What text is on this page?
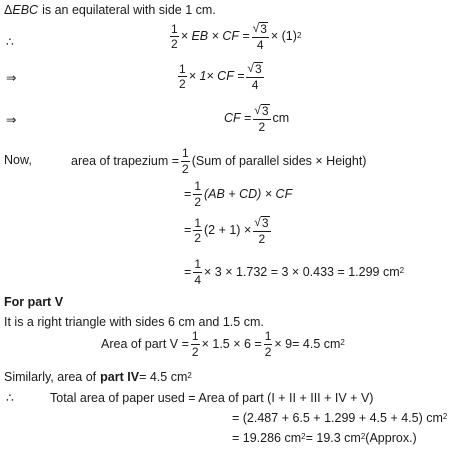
Δ EBC is an equilateral with side 1 cm.
∴	$\frac{1}{2}$ × EB × CF = $\frac{√ 3}{4} \times (1)^2$
⇒	$\frac{1}{2} \times 1\times$ CF = $\frac{√ 3}{4}$
⇒	CF = $\frac{√ 3}{2}$ cm
Now,	area of trapezium = $\frac{1}{2} (Sum$ of parallel sides × Height)
= $\frac{1}{2} (AB + CD)$ × CF
= $\frac{1}{2} (2 + 1) \times \frac{√ 3}{2}$
= $\frac{1}{4} \times 3 \times 1.732 = 3 \times 0.433 = 1.299$ $cm^2$
For part V
It is a right triangle with sides 6 cm and 1.5 cm.
Area of part $V = \frac{1}{2} \times 1.5 \times 6 = \frac{1}{2} \times 9= 4.5$ $cm^2$
Similarly, area of part IV = 4.5 $cm^2$
∴	Total area of paper used = Area of part (I + II + III + IV + V)
= (2.487 + 6.5 + 1.299 + 4.5 + 4.5) $cm^2$
= 19.286 $cm^2 = 19.3$ $cm^2$ (Approx.)
